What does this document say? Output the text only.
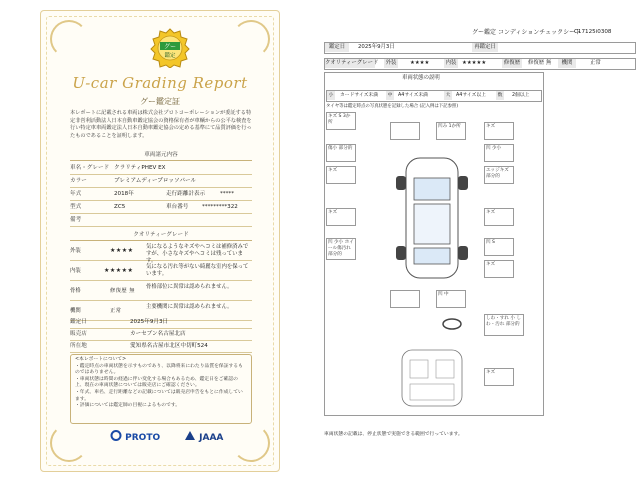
グー
鑑定
U-car Grading Report
グー鑑定証
本レポートに記載される車両は株式会社プロトコーポレーションが委託する特定非営利活動法人日本自動車鑑定協会の資格保有者が車輌からの公平な検査を行い特定車車両鑑定法人日本自動車鑑定協会の定める基準にて品質評価を行ったものであることを証明します。
車両諸元内容
車名・グレード クラリティPHEV EX
カラー	プレミアムディープロッソパール
年式	2018年	走行距離計表示	*****
型式	ZC5	車台番号 *********322
備考
クオリティーグレード
外装	★★★★ 気になるようなキズやヘコミは補修済みですが、小さなキズやヘコミは残っています。
内装	★★★★★ 気になる汚れ等がない綺麗な室内を保っています。
骨格	修復歴 無
骨格部位に異常は認められません。
機関	正常
主要機関に異常は認められません。
鑑定日	2025年9月3日
販売店	カーセブン名古屋北店
所在地	愛知県名古屋市北区中切町524
<本レポートについて>
・鑑定時点の車両状態を示すものであり、以降将来にわたり品質を保証するものではありません。
・車両状態は時間の経過に伴い変化する場合もあるため、鑑定日をご確認の上、現在の車両状態については販売店にご確認ください。
・年式、車名、走行距離などの記載については販売店申告をもとに作成しています。
・評価については鑑定師の目視によるものです。
PROTO	JAAA
グー鑑定 コンディションチェックシート
C17125i0308
鑑定日	2025年9月3日	再鑑定日
クオリティーグレード 外装	★★★★	内装 ★★★★★	修復歴	修復歴 無	機関	正常
車両状態の説明
小	カードサイズ未満	中	A4サイズ未満	大	A4サイズ以上	数	2個以上
タイヤ等は鑑定時点の写真状態を記録した場合 (記入例は下記参照)
キズ S 3か所
凹み 1か所	キズ
傷小 部分的	凹 少小
キズ	エッジキズ 部分的
キズ	キズ
凹 少小 ホイール傷汚れ 部分的
凹 S
キズ
凹 中
しわ・すれ 小 しわ・汚れ 部分的
キズ
車両状態の記載は、停止状態で実施できる範囲で行っています。
